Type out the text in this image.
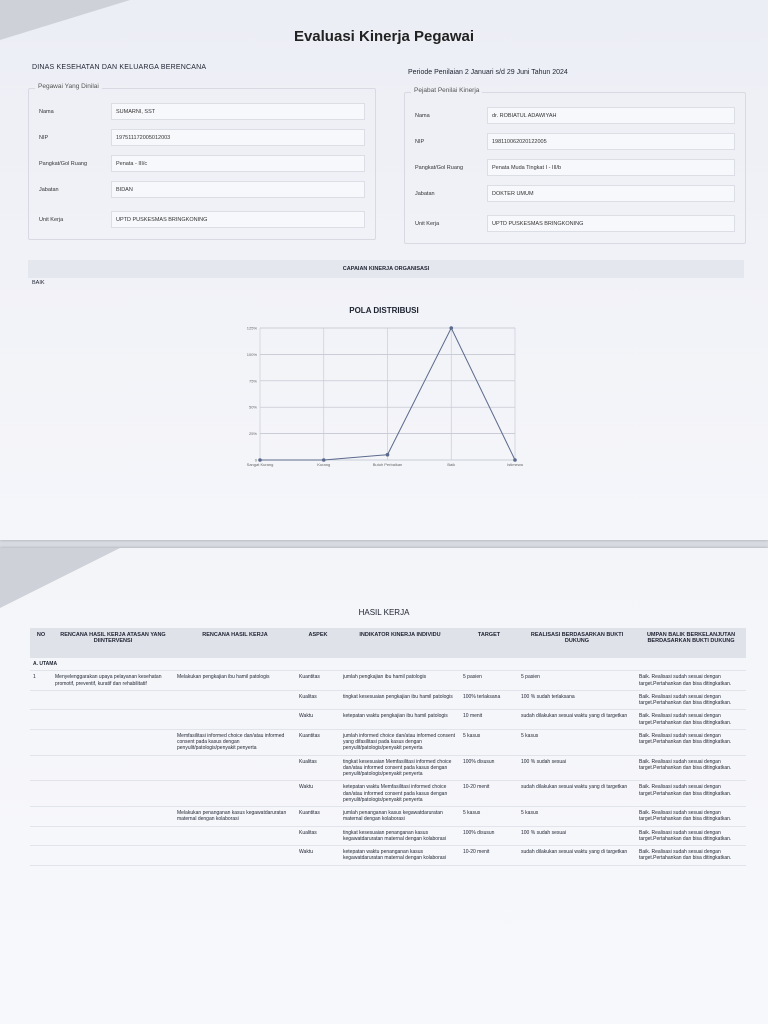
Evaluasi Kinerja Pegawai
DINAS KESEHATAN DAN KELUARGA BERENCANA
Periode Penilaian 2 Januari s/d 29 Juni Tahun 2024
Pegawai Yang Dinilai
Nama	SUMARNI, SST
NIP	197511172005012003
Pangkat/Gol Ruang	Penata - III/c
Jabatan	BIDAN
Unit Kerja	UPTD PUSKESMAS BRINGKONING
Pejabat Penilai Kinerja
Nama	dr. ROBIATUL ADAWIYAH
NIP	198110062020122005
Pangkat/Gol Ruang	Penata Muda Tingkat I - III/b
Jabatan	DOKTER UMUM
Unit Kerja	UPTD PUSKESMAS BRINGKONING
CAPAIAN KINERJA ORGANISASI
BAIK
POLA DISTRIBUSI
0
25%
50%
75%
100%
125%
Sangat Kurang	Kurang	Butuh Perbaikan	Baik	Istimewa
HASIL KERJA
NO	RENCANA HASIL KERJA ATASAN YANG DIINTERVENSI	RENCANA HASIL KERJA	ASPEK	INDIKATOR KINERJA INDIVIDU	TARGET	REALISASI BERDASARKAN BUKTI DUKUNG	UMPAN BALIK BERKELANJUTAN BERDASARKAN BUKTI DUKUNG
A. UTAMA							
1	Menyelenggarakan upaya pelayanan kesehatan promotif, preventif, kuratif dan rehabilitatif	Melakukan pengkajian ibu hamil patologis	Kuantitas	jumlah pengkajian ibu hamil patologis	5 pasien	5 pasien	Baik. Realisasi sudah sesuai dengan target.Pertahankan dan bisa ditingkatkan.
			Kualitas	tingkat kesesuaian pengkajian ibu hamil patologis	100% terlaksana	100 % sudah terlaksana	Baik. Realisasi sudah sesuai dengan target.Pertahankan dan bisa ditingkatkan.
			Waktu	ketepatan waktu pengkajian ibu hamil patologis	10 menit	sudah dilakukan sesuai waktu yang di targetkan	Baik. Realisasi sudah sesuai dengan target.Pertahankan dan bisa ditingkatkan.
		Memfasilitasi informed choice dan/atau informed consent pada kasus dengan penyulit/patologis/penyakit penyerta	Kuantitas	jumlah informed choice dan/atau informed consent yang difasilitasi pada kasus dengan penyulit/patologis/penyakit penyerta	5 kasus	5 kasus	Baik. Realisasi sudah sesuai dengan target.Pertahankan dan bisa ditingkatkan.
			Kualitas	tingkat kesesuaian Memfasilitasi informed choice dan/atau informed consent pada kasus dengan penyulit/patologis/penyakit penyerta	100% disusun	100 % sudah sesuai	Baik. Realisasi sudah sesuai dengan target.Pertahankan dan bisa ditingkatkan.
			Waktu	ketepatan waktu Memfasilitasi informed choice dan/atau informed consent pada kasus dengan penyulit/patologis/penyakit penyerta	10-20 menit	sudah dilakukan sesuai waktu yang di targetkan	Baik. Realisasi sudah sesuai dengan target.Pertahankan dan bisa ditingkatkan.
		Melakukan penanganan kasus kegawatdaruratan maternal dengan kolaborasi	Kuantitas	jumlah penanganan kasus kegawatdaruratan maternal dengan kolaborasi	5 kasus	5 kasus	Baik. Realisasi sudah sesuai dengan target.Pertahankan dan bisa ditingkatkan.
			Kualitas	tingkat kesesuaian penanganan kasus kegawatdaruratan maternal dengan kolaborasi	100% disusun	100 % sudah sesuai	Baik. Realisasi sudah sesuai dengan target.Pertahankan dan bisa ditingkatkan.
			Waktu	ketepatan waktu penanganan kasus kegawatdaruratan maternal dengan kolaborasi	10-20 menit	sudah dilakukan sesuai waktu yang di targetkan	Baik. Realisasi sudah sesuai dengan target.Pertahankan dan bisa ditingkatkan.
